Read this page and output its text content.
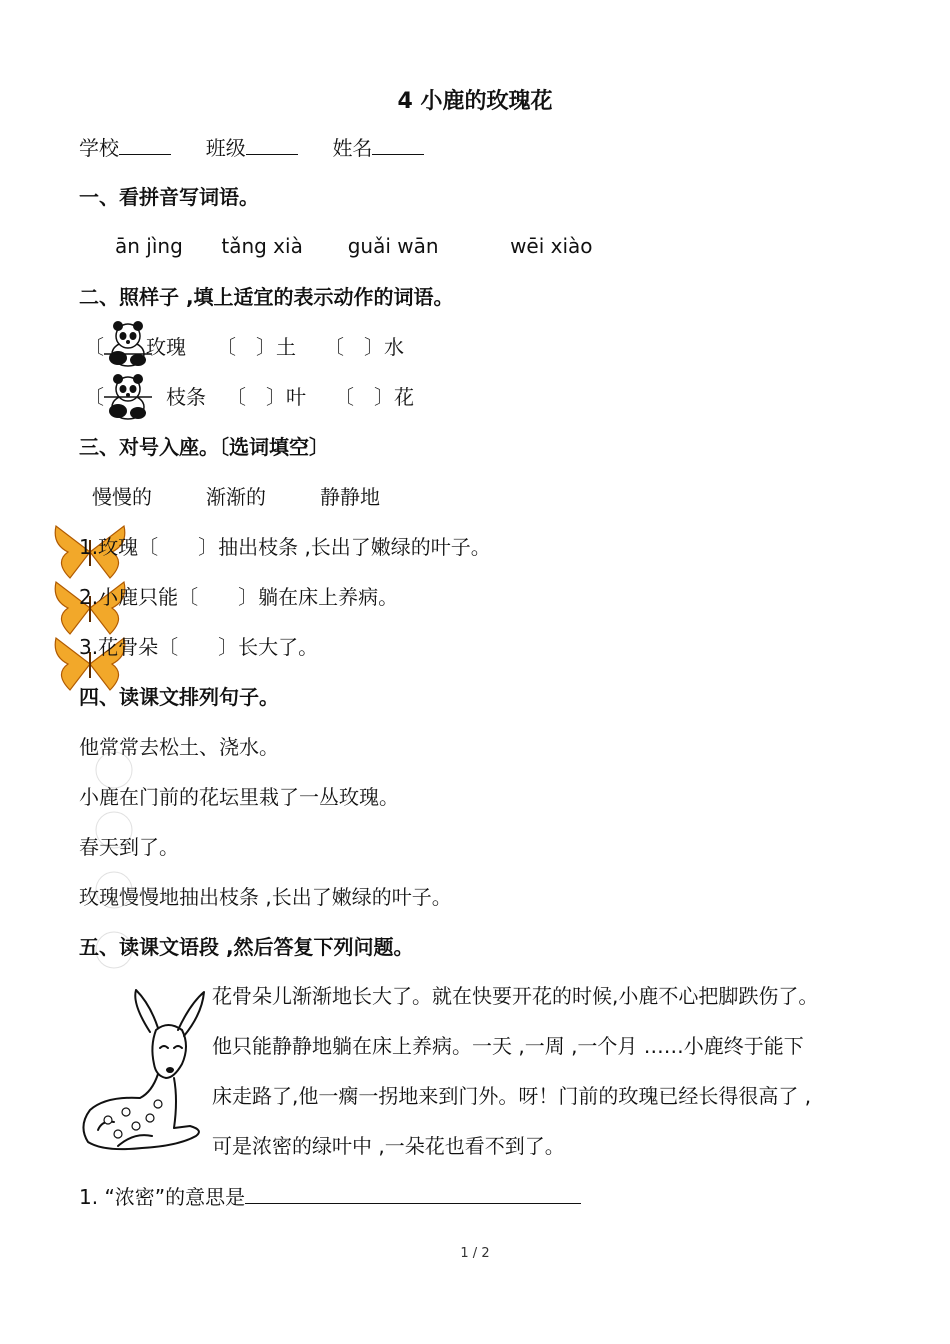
4 小鹿的玫瑰花
学校	班级	姓名
一、看拼音写词语。
ān jìng tǎng xià guǎi wān	wēi xiào
二、照样子 ,填上适宜的表示动作的词语。
〔 玫瑰 〔　〕土 〔　〕水
〔	枝条 〔　〕叶 〔　〕花
三、对号入座。〔选词填空〕
慢慢的	渐渐的	静静地
1.玫瑰〔　　〕抽出枝条 ,长出了嫩绿的叶子。
2.小鹿只能〔　　〕躺在床上养病。
3.花骨朵〔　　〕长大了。
四、读课文排列句子。
他常常去松土、浇水。
小鹿在门前的花坛里栽了一丛玫瑰。
春天到了。
玫瑰慢慢地抽出枝条 ,长出了嫩绿的叶子。
五、读课文语段 ,然后答复下列问题。
花骨朵儿渐渐地长大了。就在快要开花的时候,小鹿不心把脚跌伤了。
他只能静静地躺在床上养病。一天 ,一周 ,一个月 ……小鹿终于能下
床走路了,他一瘸一拐地来到门外。呀！门前的玫瑰已经长得很高了 ,
可是浓密的绿叶中 ,一朵花也看不到了。
1. “浓密”的意思是
1 / 2
